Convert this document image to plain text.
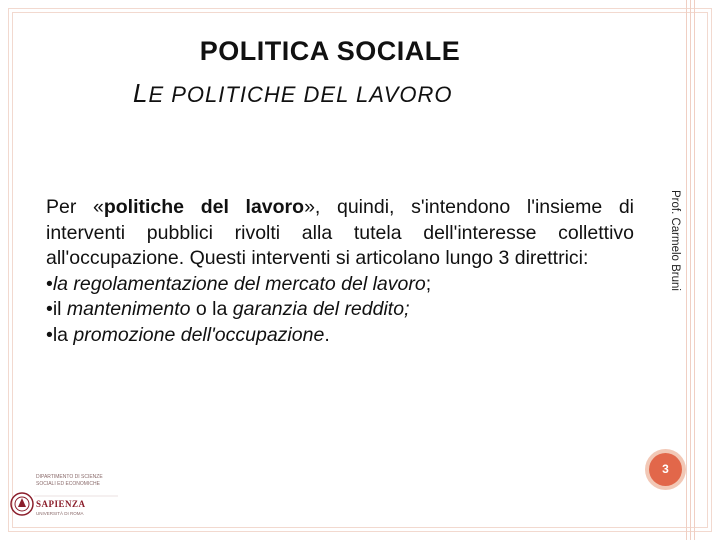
POLITICA SOCIALE
LE POLITICHE DEL LAVORO

Per «politiche del lavoro», quindi, s'intendono l'insieme di interventi pubblici rivolti alla tutela dell'interesse collettivo all'occupazione. Questi interventi si articolano lungo 3 direttrici:

•la regolamentazione del mercato del lavoro;

•il mantenimento o la garanzia del reddito;

•la promozione dell'occupazione.

Prof. Carmelo Bruni
3
DIPARTIMENTO DI SCIENZE SOCIALI ED ECONOMICHE
SAPIENZA
UNIVERSITÀ DI ROMA
